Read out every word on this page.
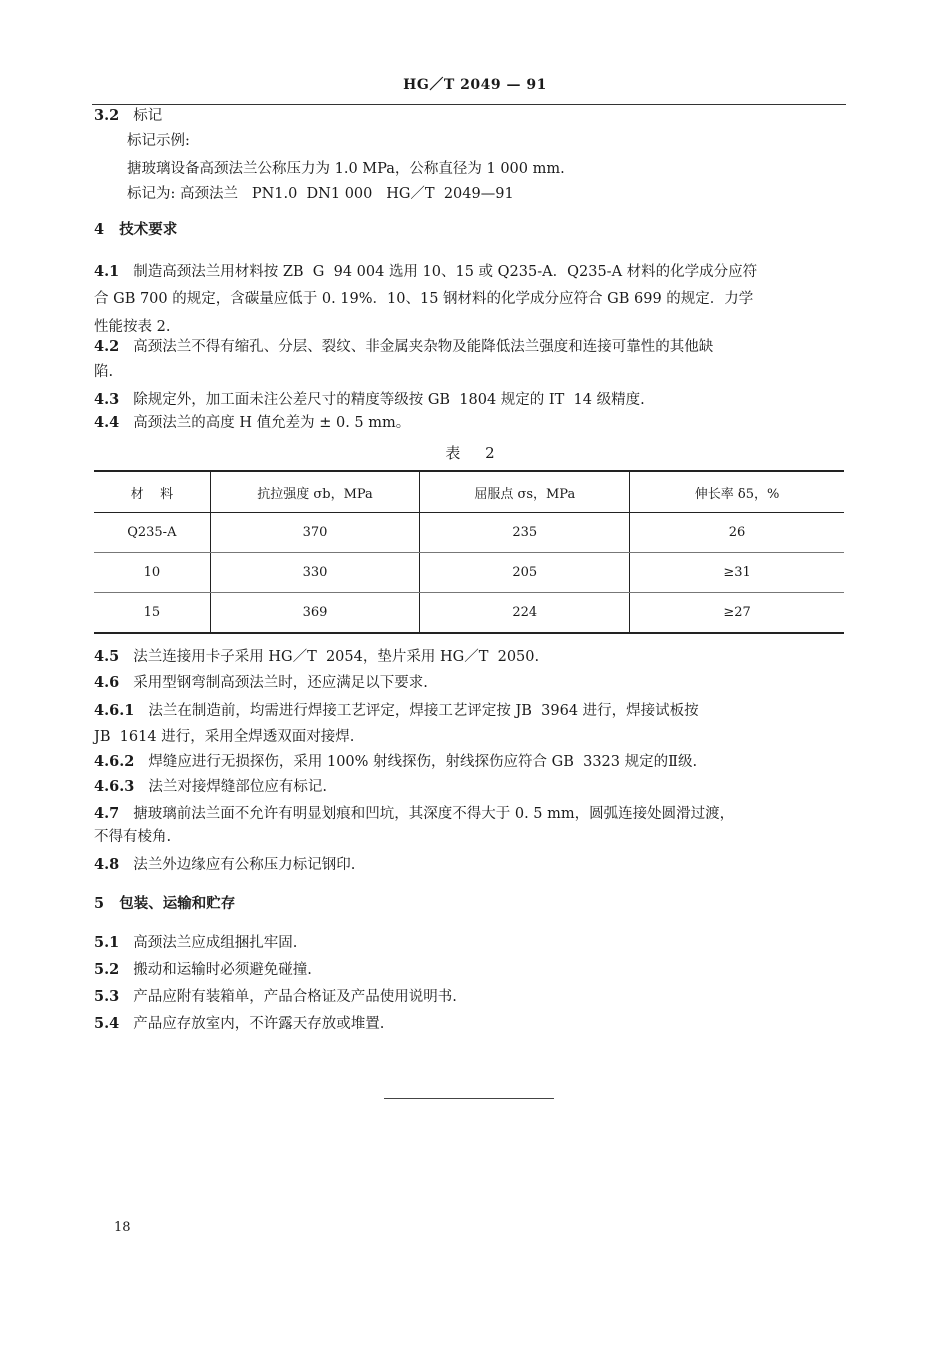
HG／T 2049 — 91
3.2 标记
标记示例:
搪玻璃设备高颈法兰公称压力为 1.0 MPa，公称直径为 1 000 mm.
标记为: 高颈法兰   PN1.0  DN1 000   HG／T  2049—91
4   技术要求
4.1 制造高颈法兰用材料按 ZB  G  94 004 选用 10、15 或 Q235-A．Q235-A 材料的化学成分应符
合 GB 700 的规定，含碳量应低于 0. 19%．10、15 钢材料的化学成分应符合 GB 699 的规定．力学
性能按表 2.
4.2 高颈法兰不得有缩孔、分层、裂纹、非金属夹杂物及能降低法兰强度和连接可靠性的其他缺
陷.
4.3 除规定外，加工面未注公差尺寸的精度等级按 GB  1804 规定的 IT  14 级精度.
4.4 高颈法兰的高度 H 值允差为 ± 0. 5 mm。
表 2
材    料	抗拉强度 σb，MPa	屈服点 σs，MPa	伸长率 δ5，%
Q235-A	370	235	26
10	330	205	≥31
15	369	224	≥27
4.5 法兰连接用卡子采用 HG／T  2054，垫片采用 HG／T  2050.
4.6 采用型钢弯制高颈法兰时，还应满足以下要求.
4.6.1 法兰在制造前，均需进行焊接工艺评定，焊接工艺评定按 JB  3964 进行，焊接试板按
JB  1614 进行，采用全焊透双面对接焊.
4.6.2 焊缝应进行无损探伤，采用 100% 射线探伤，射线探伤应符合 GB  3323 规定的Ⅱ级.
4.6.3 法兰对接焊缝部位应有标记.
4.7 搪玻璃前法兰面不允许有明显划痕和凹坑，其深度不得大于 0. 5 mm，圆弧连接处圆滑过渡，
不得有棱角.
4.8 法兰外边缘应有公称压力标记钢印.
5   包装、运输和贮存
5.1 高颈法兰应成组捆扎牢固.
5.2 搬动和运输时必须避免碰撞.
5.3 产品应附有装箱单，产品合格证及产品使用说明书.
5.4 产品应存放室内，不许露天存放或堆置.
18
